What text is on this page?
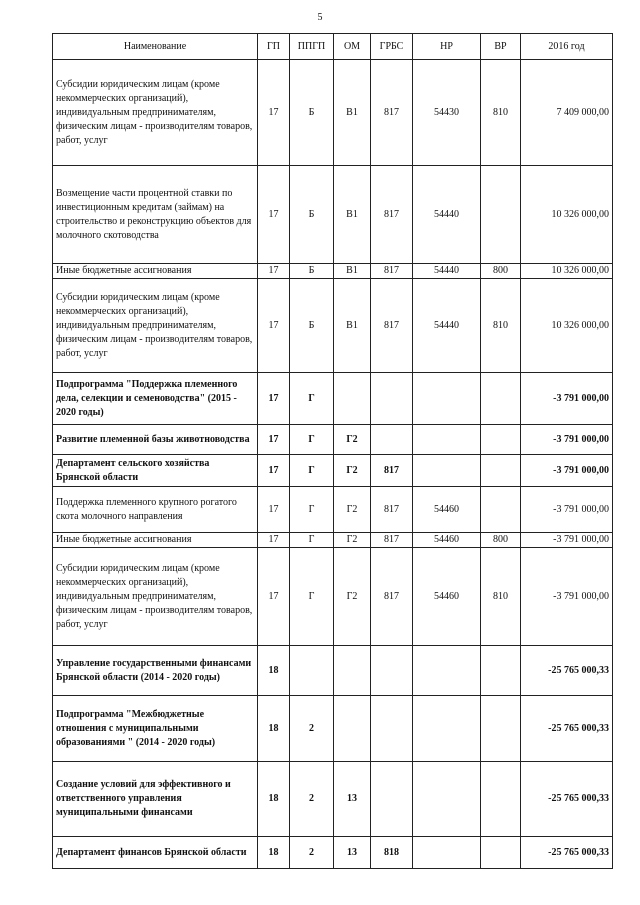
5
Наименование	ГП	ППГП	ОМ	ГРБС	НР	ВР	2016 год
Субсидии юридическим лицам (кроме некоммерческих организаций), индивидуальным предпринимателям, физическим лицам - производителям товаров, работ, услуг	17	Б	В1	817	54430	810	7 409 000,00
Возмещение части процентной ставки по инвестиционным кредитам (займам) на строительство и реконструкцию объектов для молочного скотоводства	17	Б	В1	817	54440		10 326 000,00
Иные бюджетные ассигнования	17	Б	В1	817	54440	800	10 326 000,00
Субсидии юридическим лицам (кроме некоммерческих организаций), индивидуальным предпринимателям, физическим лицам - производителям товаров, работ, услуг	17	Б	В1	817	54440	810	10 326 000,00
Подпрограмма "Поддержка племенного дела, селекции и семеноводства" (2015 - 2020 годы)	17	Г					-3 791 000,00
Развитие племенной базы животноводства	17	Г	Г2				-3 791 000,00
Департамент сельского хозяйства Брянской области	17	Г	Г2	817			-3 791 000,00
Поддержка племенного крупного рогатого скота молочного направления	17	Г	Г2	817	54460		-3 791 000,00
Иные бюджетные ассигнования	17	Г	Г2	817	54460	800	-3 791 000,00
Субсидии юридическим лицам (кроме некоммерческих организаций), индивидуальным предпринимателям, физическим лицам - производителям товаров, работ, услуг	17	Г	Г2	817	54460	810	-3 791 000,00
Управление государственными финансами Брянской области (2014 - 2020 годы)	18						-25 765 000,33
Подпрограмма "Межбюджетные отношения с муниципальными образованиями " (2014 - 2020 годы)	18	2					-25 765 000,33
Создание условий для эффективного и ответственного управления муниципальными финансами	18	2	13				-25 765 000,33
Департамент финансов Брянской области	18	2	13	818			-25 765 000,33
